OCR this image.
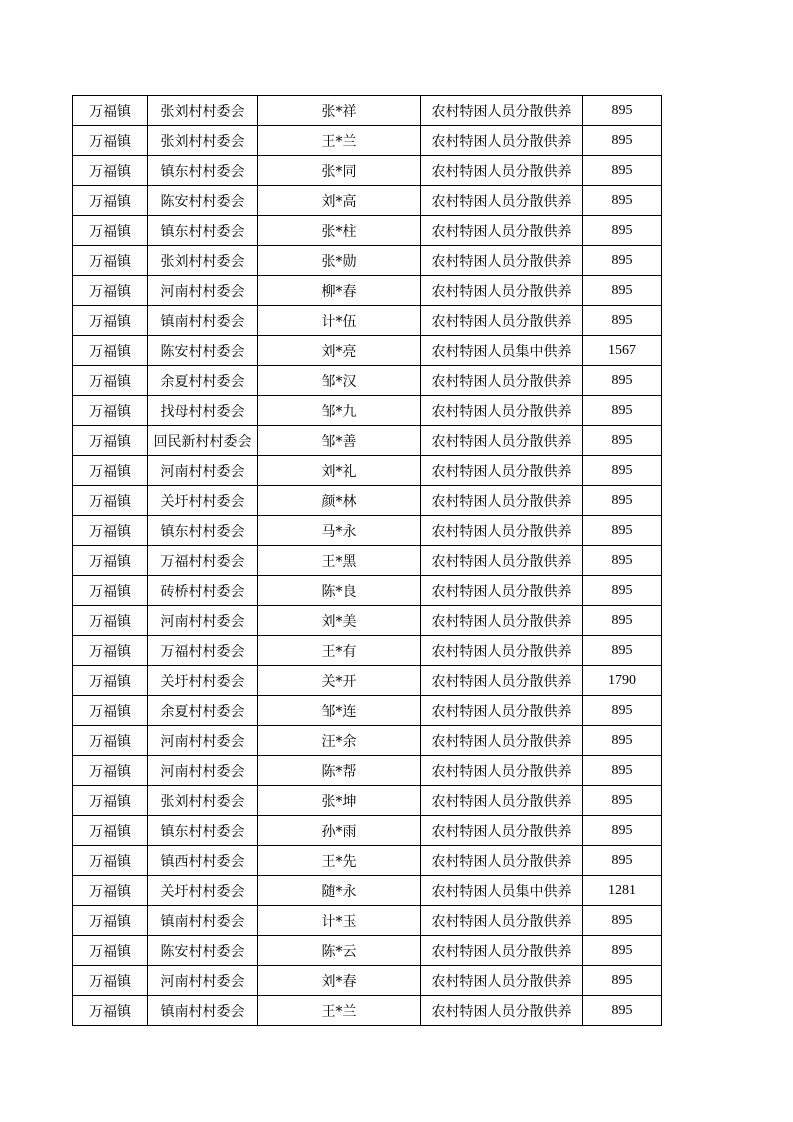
万福镇	张刘村村委会	张*祥	农村特困人员分散供养	895
万福镇	张刘村村委会	王*兰	农村特困人员分散供养	895
万福镇	镇东村村委会	张*同	农村特困人员分散供养	895
万福镇	陈安村村委会	刘*高	农村特困人员分散供养	895
万福镇	镇东村村委会	张*柱	农村特困人员分散供养	895
万福镇	张刘村村委会	张*勋	农村特困人员分散供养	895
万福镇	河南村村委会	柳*春	农村特困人员分散供养	895
万福镇	镇南村村委会	计*伍	农村特困人员分散供养	895
万福镇	陈安村村委会	刘*亮	农村特困人员集中供养	1567
万福镇	余夏村村委会	邹*汉	农村特困人员分散供养	895
万福镇	找母村村委会	邹*九	农村特困人员分散供养	895
万福镇	回民新村村委会	邹*善	农村特困人员分散供养	895
万福镇	河南村村委会	刘*礼	农村特困人员分散供养	895
万福镇	关圩村村委会	颜*林	农村特困人员分散供养	895
万福镇	镇东村村委会	马*永	农村特困人员分散供养	895
万福镇	万福村村委会	王*黑	农村特困人员分散供养	895
万福镇	砖桥村村委会	陈*良	农村特困人员分散供养	895
万福镇	河南村村委会	刘*美	农村特困人员分散供养	895
万福镇	万福村村委会	王*有	农村特困人员分散供养	895
万福镇	关圩村村委会	关*开	农村特困人员分散供养	1790
万福镇	余夏村村委会	邹*连	农村特困人员分散供养	895
万福镇	河南村村委会	汪*余	农村特困人员分散供养	895
万福镇	河南村村委会	陈*帮	农村特困人员分散供养	895
万福镇	张刘村村委会	张*坤	农村特困人员分散供养	895
万福镇	镇东村村委会	孙*雨	农村特困人员分散供养	895
万福镇	镇西村村委会	王*先	农村特困人员分散供养	895
万福镇	关圩村村委会	随*永	农村特困人员集中供养	1281
万福镇	镇南村村委会	计*玉	农村特困人员分散供养	895
万福镇	陈安村村委会	陈*云	农村特困人员分散供养	895
万福镇	河南村村委会	刘*春	农村特困人员分散供养	895
万福镇	镇南村村委会	王*兰	农村特困人员分散供养	895
